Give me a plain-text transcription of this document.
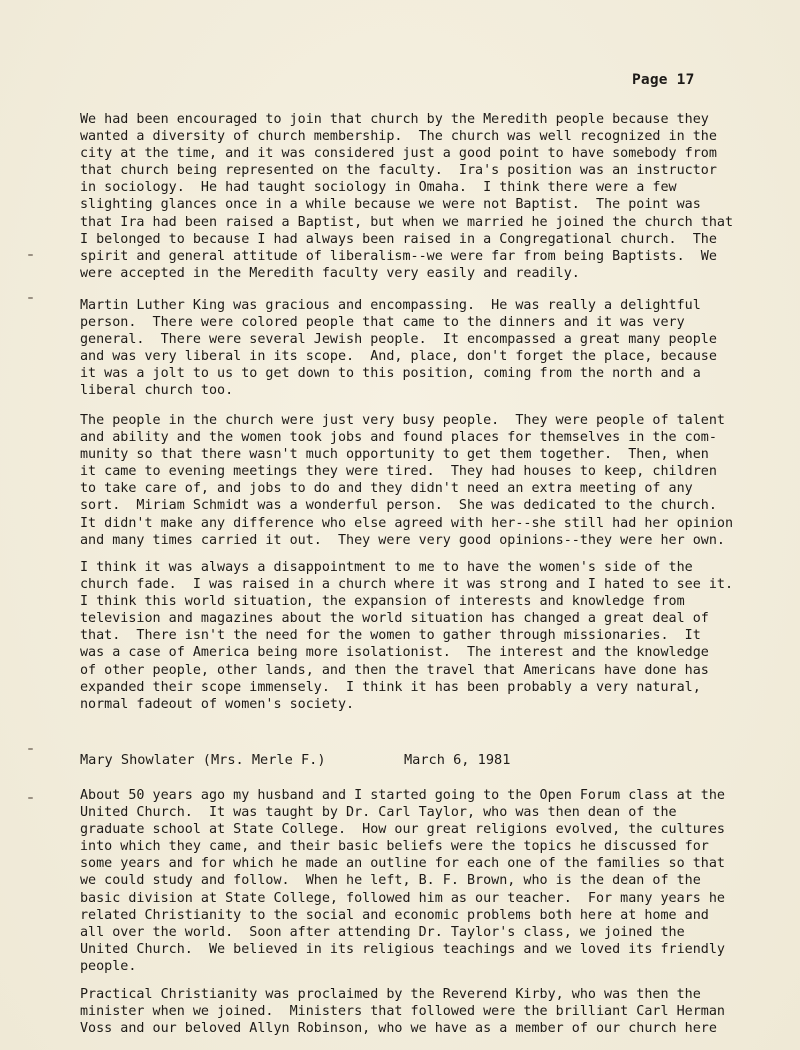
Page 17

We had been encouraged to join that church by the Meredith people because they
wanted a diversity of church membership.  The church was well recognized in the
city at the time, and it was considered just a good point to have somebody from
that church being represented on the faculty.  Ira's position was an instructor
in sociology.  He had taught sociology in Omaha.  I think there were a few
slighting glances once in a while because we were not Baptist.  The point was
that Ira had been raised a Baptist, but when we married he joined the church that
I belonged to because I had always been raised in a Congregational church.  The
spirit and general attitude of liberalism--we were far from being Baptists.  We
were accepted in the Meredith faculty very easily and readily.

Martin Luther King was gracious and encompassing.  He was really a delightful
person.  There were colored people that came to the dinners and it was very
general.  There were several Jewish people.  It encompassed a great many people
and was very liberal in its scope.  And, place, don't forget the place, because
it was a jolt to us to get down to this position, coming from the north and a
liberal church too.

The people in the church were just very busy people.  They were people of talent
and ability and the women took jobs and found places for themselves in the com-
munity so that there wasn't much opportunity to get them together.  Then, when
it came to evening meetings they were tired.  They had houses to keep, children
to take care of, and jobs to do and they didn't need an extra meeting of any
sort.  Miriam Schmidt was a wonderful person.  She was dedicated to the church.
It didn't make any difference who else agreed with her--she still had her opinion
and many times carried it out.  They were very good opinions--they were her own.

I think it was always a disappointment to me to have the women's side of the
church fade.  I was raised in a church where it was strong and I hated to see it.
I think this world situation, the expansion of interests and knowledge from
television and magazines about the world situation has changed a great deal of
that.  There isn't the need for the women to gather through missionaries.  It
was a case of America being more isolationist.  The interest and the knowledge
of other people, other lands, and then the travel that Americans have done has
expanded their scope immensely.  I think it has been probably a very natural,
normal fadeout of women's society.

Mary Showlater (Mrs. Merle F.)

	March 6, 1981

About 50 years ago my husband and I started going to the Open Forum class at the
United Church.  It was taught by Dr. Carl Taylor, who was then dean of the
graduate school at State College.  How our great religions evolved, the cultures
into which they came, and their basic beliefs were the topics he discussed for
some years and for which he made an outline for each one of the families so that
we could study and follow.  When he left, B. F. Brown, who is the dean of the
basic division at State College, followed him as our teacher.  For many years he
related Christianity to the social and economic problems both here at home and
all over the world.  Soon after attending Dr. Taylor's class, we joined the
United Church.  We believed in its religious teachings and we loved its friendly
people.

Practical Christianity was proclaimed by the Reverend Kirby, who was then the
minister when we joined.  Ministers that followed were the brilliant Carl Herman
Voss and our beloved Allyn Robinson, who we have as a member of our church here
